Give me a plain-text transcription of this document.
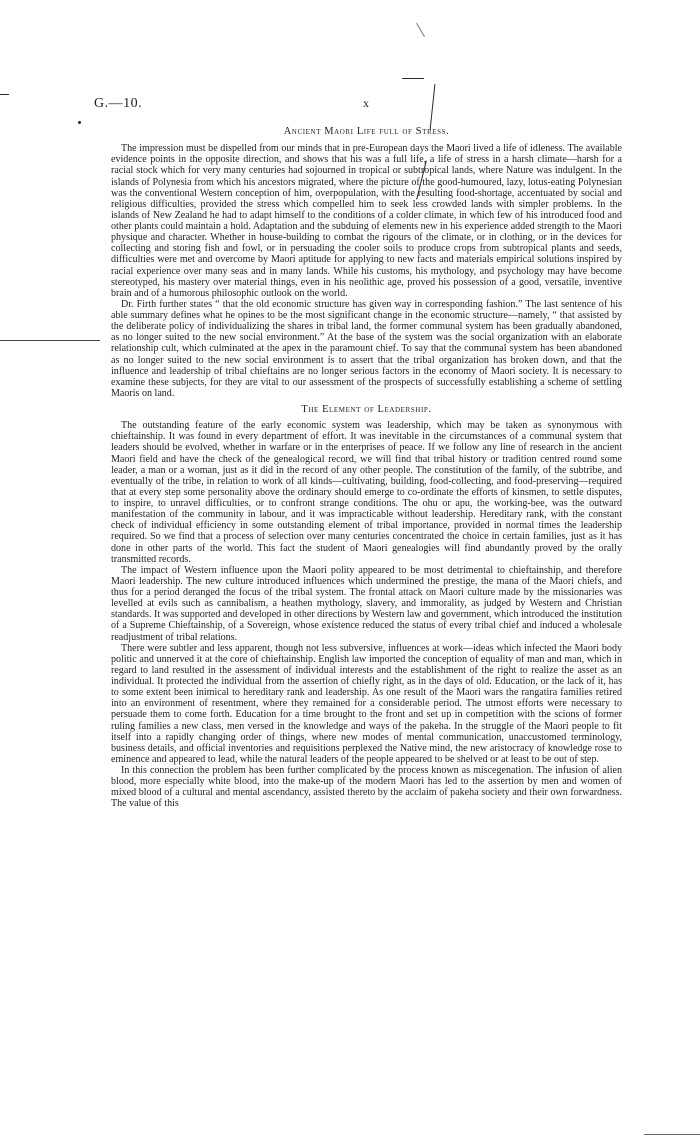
G.—10.	x
Ancient Maori Life full of Stress.

The impression must be dispelled from our minds that in pre-European days the Maori lived a life of idleness. The available evidence points in the opposite direction, and shows that his was a full life, a life of stress in a harsh climate—harsh for a racial stock which for very many centuries had sojourned in tropical or subtropical lands, where Nature was indulgent. In the islands of Polynesia from which his ancestors migrated, where the picture of the good-humoured, lazy, lotus-eating Polynesian was the conventional Western conception of him, overpopulation, with the resulting food-shortage, accentuated by social and religious difficulties, provided the stress which compelled him to seek less crowded lands with simpler problems. In the islands of New Zealand he had to adapt himself to the conditions of a colder climate, in which few of his introduced food and other plants could maintain a hold. Adaptation and the subduing of elements new in his experience added strength to the Maori physique and character. Whether in house-building to combat the rigours of the climate, or in clothing, or in the devices for collecting and storing fish and fowl, or in persuading the cooler soils to produce crops from subtropical plants and seeds, difficulties were met and overcome by Maori aptitude for applying to new facts and materials empirical solutions inspired by racial experience over many seas and in many lands. While his customs, his mythology, and psychology may have become stereotyped, his mastery over material things, even in his neolithic age, proved his possession of a good, versatile, inventive brain and of a humorous philosophic outlook on the world.

Dr. Firth further states “ that the old economic structure has given way in corresponding fashion.” The last sentence of his able summary defines what he opines to be the most significant change in the economic structure—namely, “ that assisted by the deliberate policy of individualizing the shares in tribal land, the former communal system has been gradually abandoned, as no longer suited to the new social environment.” At the base of the system was the social organization with an elaborate relationship cult, which culminated at the apex in the paramount chief. To say that the communal system has been abandoned as no longer suited to the new social environment is to assert that the tribal organization has broken down, and that the influence and leadership of tribal chieftains are no longer serious factors in the economy of Maori society. It is necessary to examine these subjects, for they are vital to our assessment of the prospects of successfully establishing a scheme of settling Maoris on land.

The Element of Leadership.

The outstanding feature of the early economic system was leadership, which may be taken as synonymous with chieftainship. It was found in every department of effort. It was inevitable in the circumstances of a communal system that leaders should be evolved, whether in warfare or in the enterprises of peace. If we follow any line of research in the ancient Maori field and have the check of the genealogical record, we will find that tribal history or tradition centred round some leader, a man or a woman, just as it did in the record of any other people. The constitution of the family, of the subtribe, and eventually of the tribe, in relation to work of all kinds—cultivating, building, food-collecting, and food-preserving—required that at every step some personality above the ordinary should emerge to co-ordinate the efforts of kinsmen, to settle disputes, to inspire, to unravel difficulties, or to confront strange conditions. The ohu or apu, the working-bee, was the outward manifestation of the community in labour, and it was impracticable without leadership. Hereditary rank, with the constant check of individual efficiency in some outstanding element of tribal importance, provided in normal times the leadership required. So we find that a process of selection over many centuries concentrated the choice in certain families, just as it has done in other parts of the world. This fact the student of Maori genealogies will find abundantly proved by the orally transmitted records.

The impact of Western influence upon the Maori polity appeared to be most detrimental to chieftainship, and therefore Maori leadership. The new culture introduced influences which undermined the prestige, the mana of the Maori chiefs, and thus for a period deranged the focus of the tribal system. The frontal attack on Maori culture made by the missionaries was levelled at evils such as cannibalism, a heathen mythology, slavery, and immorality, as judged by Western and Christian standards. It was supported and developed in other directions by Western law and government, which introduced the institution of a Supreme Chieftainship, of a Sovereign, whose existence reduced the status of every tribal chief and induced a wholesale readjustment of tribal relations.

There were subtler and less apparent, though not less subversive, influences at work—ideas which infected the Maori body politic and unnerved it at the core of chieftainship. English law imported the conception of equality of man and man, which in regard to land resulted in the assessment of individual interests and the establishment of the right to realize the asset as an individual. It protected the individual from the assertion of chiefly right, as in the days of old. Education, or the lack of it, has to some extent been inimical to hereditary rank and leadership. As one result of the Maori wars the rangatira families retired into an environment of resentment, where they remained for a considerable period. The utmost efforts were necessary to persuade them to come forth. Education for a time brought to the front and set up in competition with the scions of former ruling families a new class, men versed in the knowledge and ways of the pakeha. In the struggle of the Maori people to fit itself into a rapidly changing order of things, where new modes of mental communication, unaccustomed terminology, business details, and official inventories and requisitions perplexed the Native mind, the new aristocracy of knowledge rose to eminence and appeared to lead, while the natural leaders of the people appeared to be shelved or at least to be out of step.

In this connection the problem has been further complicated by the process known as miscegenation. The infusion of alien blood, more especially white blood, into the make-up of the modern Maori has led to the assertion by men and women of mixed blood of a cultural and mental ascendancy, assisted thereto by the acclaim of pakeha society and their own forwardness. The value of this
